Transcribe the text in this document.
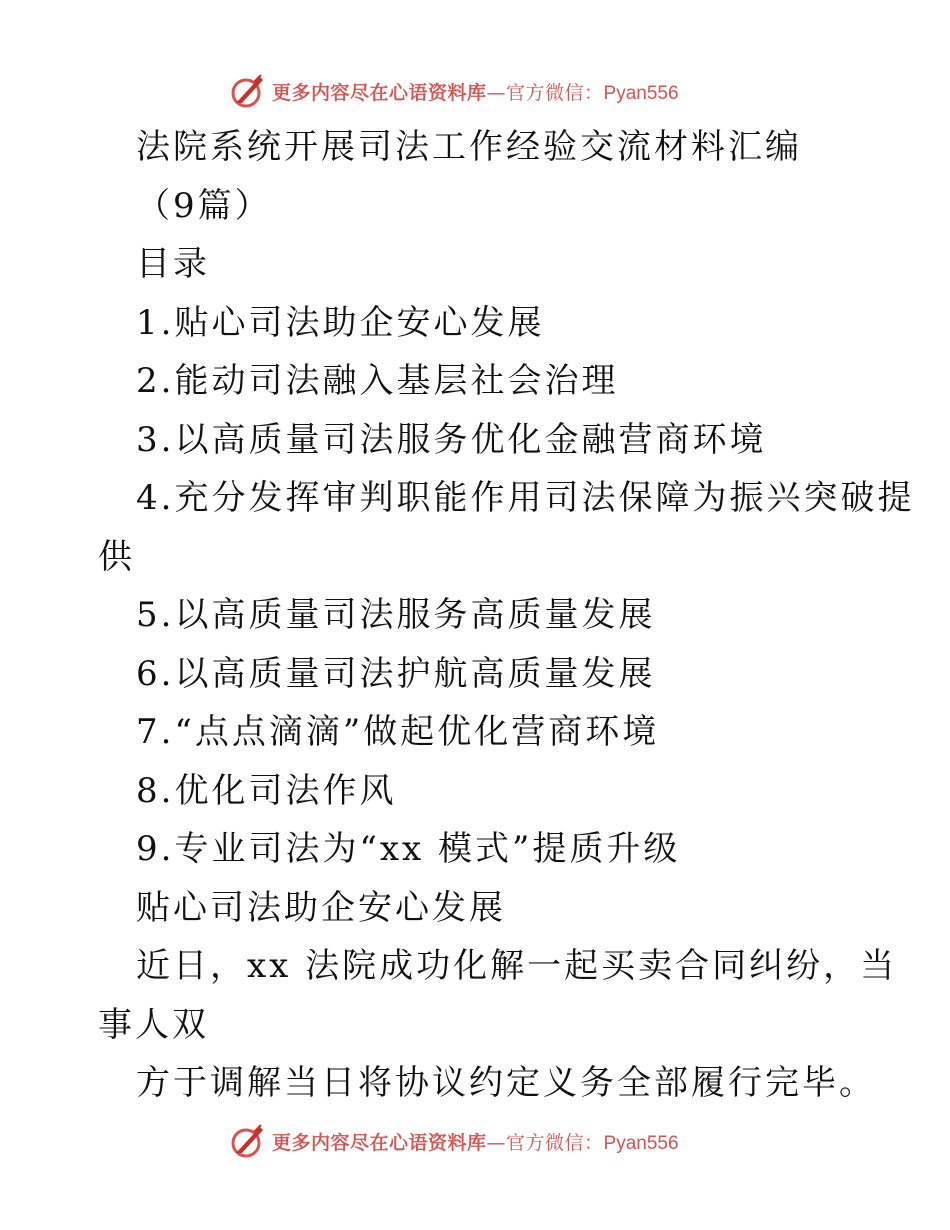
更多内容尽在心语资料库—官方微信：Pyan556
法院系统开展司法工作经验交流材料汇编
（9篇）
目录
1.贴心司法助企安心发展
2.能动司法融入基层社会治理
3.以高质量司法服务优化金融营商环境
4.充分发挥审判职能作用司法保障为振兴突破提
供
5.以高质量司法服务高质量发展
6.以高质量司法护航高质量发展
7.“点点滴滴”做起优化营商环境
8.优化司法作风
9.专业司法为“xx 模式”提质升级
贴心司法助企安心发展
近日，xx 法院成功化解一起买卖合同纠纷，当
事人双
方于调解当日将协议约定义务全部履行完毕。
更多内容尽在心语资料库—官方微信：Pyan556
